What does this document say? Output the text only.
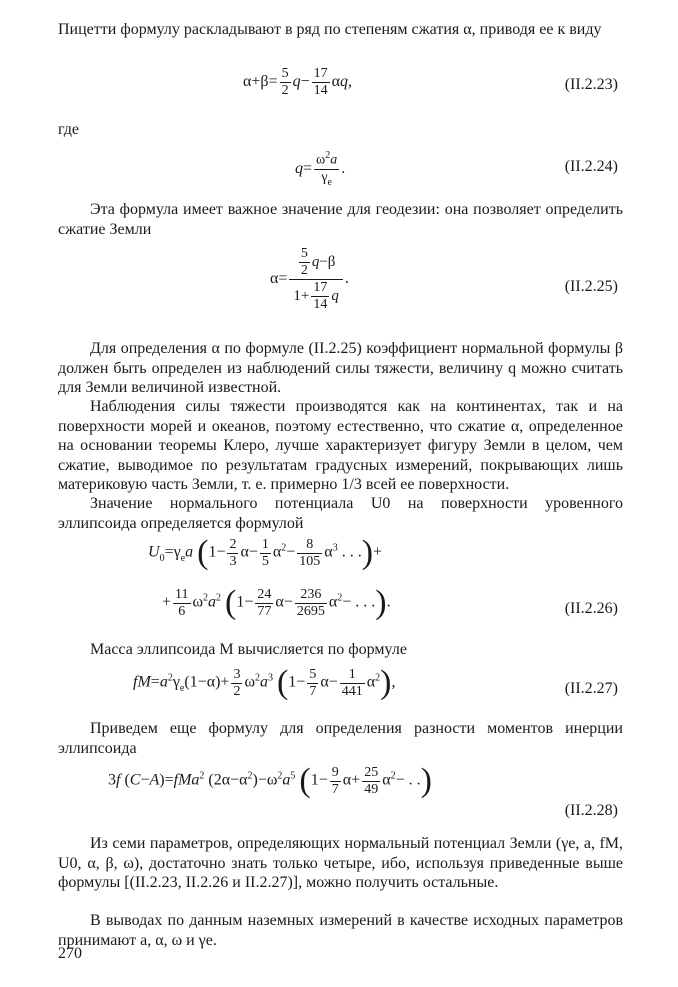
Пицетти формулу раскладывают в ряд по степеням сжатия α, приводя ее к виду

$\alpha+\beta= \frac{5}{2} q- \frac{17}{14} \alpha q$,	(II.2.23)

где

$q= \frac{\omega^2a}{\gamma_e}$ .	(II.2.24)

Эта формула имеет важное значение для геодезии: она позволяет определить сжатие Земли

$\alpha= \frac{\frac{5}{2} q-\beta}{1+ \frac{17}{14} q}$ .	(II.2.25)

Для определения α по формуле (II.2.25) коэффициент нормальной формулы β должен быть определен из наблюдений силы тяжести, величину q можно считать для Земли величиной известной.

Наблюдения силы тяжести производятся как на континентах, так и на поверхности морей и океанов, поэтому естественно, что сжатие α, определенное на основании теоремы Клеро, лучше характеризует фигуру Земли в целом, чем сжатие, выводимое по результатам градусных измерений, покрывающих лишь материковую часть Земли, т. е. примерно 1/3 всей ее поверхности.

Значение нормального потенциала U0 на поверхности уровенного эллипсоида определяется формулой

$U_0=\gamma_ea$ ($1- \frac{2}{3} \alpha- \frac{1}{5} \alpha^2- \frac{8}{105} \alpha^3$ . . .)+
+ $\frac{11}{6} \omega^2a^2$ ($1- \frac{24}{77} \alpha- \frac{236}{2695} \alpha^2-$ . . .).	(II.2.26)

Масса эллипсоида M вычисляется по формуле

$fM=a^2\gamma_e(1-\alpha)+ \frac{3}{2} \omega^2a^3$ $(1- \frac{5}{7} \alpha- \frac{1}{441} \alpha^2)$,	(II.2.27)

Приведем еще формулу для определения разности моментов инерции эллипсоида

3f (C−A)=fMa$^2$ $(2\alpha-\alpha^2)-\omega^2a^5$ ($1- \frac{9}{7} \alpha+ \frac{25}{49} \alpha^2-$ . .)
(II.2.28)

Из семи параметров, определяющих нормальный потенциал Земли (γe, a, fM, U0, α, β, ω), достаточно знать только четыре, ибо, используя приведенные выше формулы [(II.2.23, II.2.26 и II.2.27)], можно получить остальные.

В выводах по данным наземных измерений в качестве исходных параметров принимают a, α, ω и γe.

270
